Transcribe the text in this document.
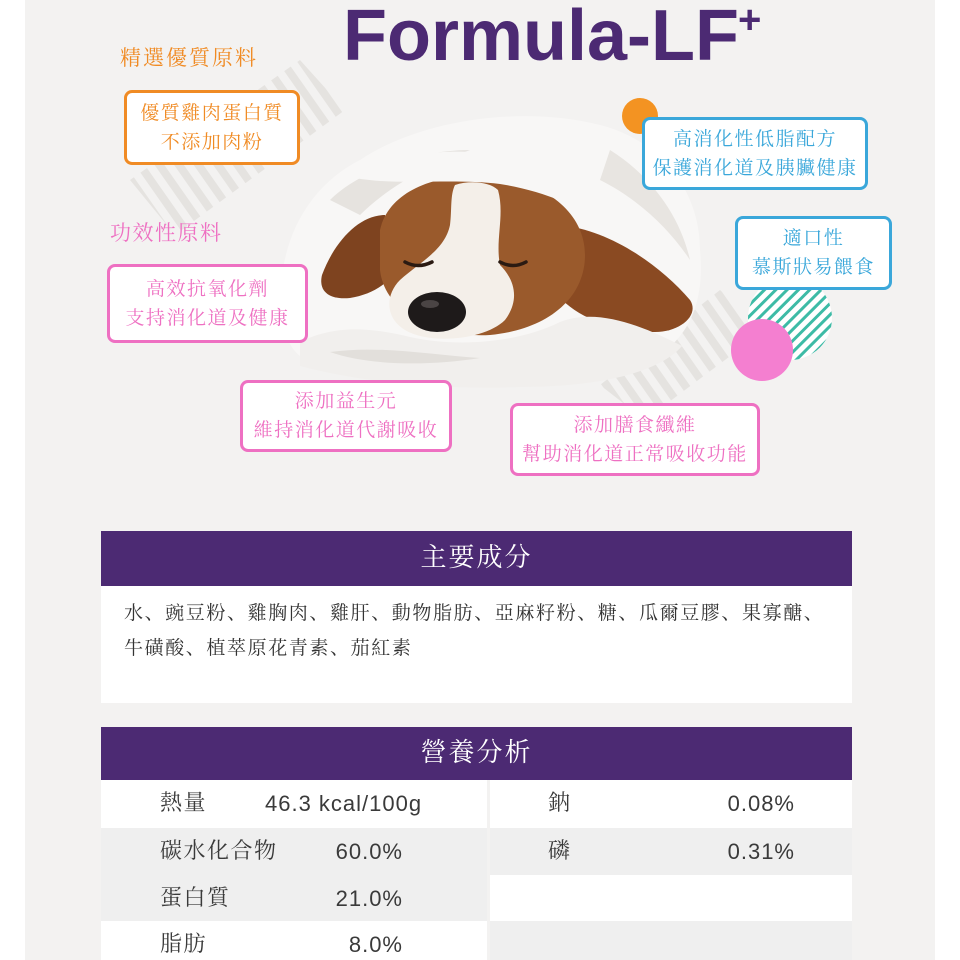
Formula-LF +
精選優質原料
功效性原料
優質雞肉蛋白質
不添加肉粉
高效抗氧化劑
支持消化道及健康
添加益生元
維持消化道代謝吸收	添加膳食纖維
幫助消化道正常吸收功能
高消化性低脂配方
保護消化道及胰臟健康
適口性
慕斯狀易餵食
主要成分
水、豌豆粉、雞胸肉、雞肝、動物脂肪、亞麻籽粉、糖、瓜爾豆膠、果寡醣、
牛磺酸、植萃原花青素、茄紅素
營養分析
熱量	46.3 kcal/100g	鈉	0.08%
碳水化合物	60.0%	磷	0.31%
蛋白質	21.0%
脂肪	8.0%
